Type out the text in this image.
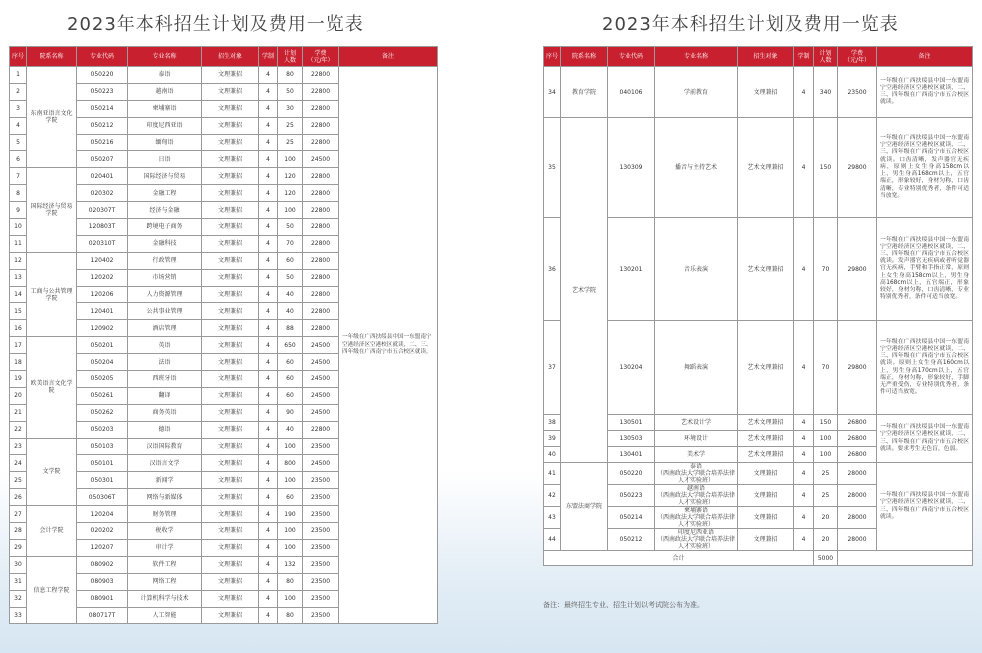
2023年本科招生计划及费用一览表	2023年本科招生计划及费用一览表
序号	院系名称	专业代码	专业名称	招生对象	学制	计划
人数	学费
（元/年）	备注
1	东南亚语言文化学院	050220	泰语	文理兼招	4	80	22800	一年级在广西扶绥县中国一东盟南宁空港经济区空港校区就读，二、三、四年级在广西南宁市五合校区就读。
2		050223	越南语	文理兼招	4	50	22800	
3		050214	柬埔寨语	文理兼招	4	30	22800	
4		050212	印度尼西亚语	文理兼招	4	25	22800	
5		050216	缅甸语	文理兼招	4	25	22800	
6		050207	日语	文理兼招	4	100	24500	
7	国际经济与贸易学院	020401	国际经济与贸易	文理兼招	4	120	22800	
8		020302	金融工程	文理兼招	4	120	22800	
9		020307T	经济与金融	文理兼招	4	100	22800	
10		120803T	跨境电子商务	文理兼招	4	50	22800	
11		020310T	金融科技	文理兼招	4	70	22800	
12	工商与公共管理学院	120402	行政管理	文理兼招	4	60	22800	
13		120202	市场营销	文理兼招	4	50	22800	
14		120206	人力资源管理	文理兼招	4	40	22800	
15		120401	公共事业管理	文理兼招	4	40	22800	
16		120902	酒店管理	文理兼招	4	88	22800	
17	欧美语言文化学院	050201	英语	文理兼招	4	650	24500	
18		050204	法语	文理兼招	4	60	24500	
19		050205	西班牙语	文理兼招	4	60	24500	
20		050261	翻译	文理兼招	4	60	24500	
21		050262	商务英语	文理兼招	4	90	24500	
22		050203	德语	文理兼招	4	40	22800	
23	文学院	050103	汉语国际教育	文理兼招	4	100	23500	
24		050101	汉语言文学	文理兼招	4	800	24500	
25		050301	新闻学	文理兼招	4	100	23500	
26		050306T	网络与新媒体	文理兼招	4	60	23500	
27	会计学院	120204	财务管理	文理兼招	4	190	23500	
28		020202	税收学	文理兼招	4	100	23500	
29		120207	审计学	文理兼招	4	100	23500	
30	信息工程学院	080902	软件工程	文理兼招	4	132	23500	
31		080903	网络工程	文理兼招	4	80	23500	
32		080901	计算机科学与技术	文理兼招	4	100	23500	
33		080717T	人工智能	文理兼招	4	80	23500	
序号	院系名称	专业代码	专业名称	招生对象	学制	计划
人数	学费
（元/年）	备注
34	教育学院	040106	学前教育	文理兼招	4	340	23500	一年级在广西扶绥县中国一东盟南宁空港经济区空港校区就读，二、三、四年级在广西南宁市五合校区就读。
35	艺术学院	130309	播音与主持艺术	艺术文理兼招	4	150	29800	一年级在广西扶绥县中国一东盟南宁空港经济区空港校区就读，二、三、四年级在广西南宁市五合校区就读。口齿清晰，发声器官无疾病，原则上女生身高158cm以上，男生身高168cm以上，五官端正，形象较好，身材匀称，口齿清晰，专业特别优秀者，条件可适当放宽。
36		130201	音乐表演	艺术文理兼招	4	70	29800	一年级在广西扶绥县中国一东盟南宁空港经济区空港校区就读，二、三、四年级在广西南宁市五合校区就读。发声器官无疾病或者听觉器官无疾病，手臂和手指正常，原则上女生身高158cm以上，男生身高168cm以上，五官端正，形象较好，身材匀称，口齿清晰，专业特别优秀者，条件可适当放宽。
37		130204	舞蹈表演	艺术文理兼招	4	70	29800	一年级在广西扶绥县中国一东盟南宁空港经济区空港校区就读，二、三、四年级在广西南宁市五合校区就读。原则上女生身高160cm以上，男生身高170cm以上，五官端正，身材匀称，形象较好，手脚无严重受伤，专业特别优秀者，条件可适当放宽。
38		130501	艺术设计学	艺术文理兼招	4	150	26800	一年级在广西扶绥县中国一东盟南宁空港经济区空港校区就读，二、三、四年级在广西南宁市五合校区就读。要求考生无色盲，色弱。
39		130503	环境设计	艺术文理兼招	4	100	26800	
40		130401	美术学	艺术文理兼招	4	100	26800	
41	东盟法商学院	050220	泰语
（西南政法大学联合培养法律人才实验班）	文理兼招	4	25	28000	一年级在广西扶绥县中国一东盟南宁空港经济区空港校区就读，二、三、四年级在广西南宁市五合校区就读。
42		050223	越南语
（西南政法大学联合培养法律人才实验班）	文理兼招	4	25	28000	
43		050214	柬埔寨语
（西南政法大学联合培养法律人才实验班）	文理兼招	4	20	28000	
44		050212	印度尼西亚语
（西南政法大学联合培养法律人才实验班）	文理兼招	4	20	28000	
合计						5000		
备注：最终招生专业、招生计划以考试院公布为准。
